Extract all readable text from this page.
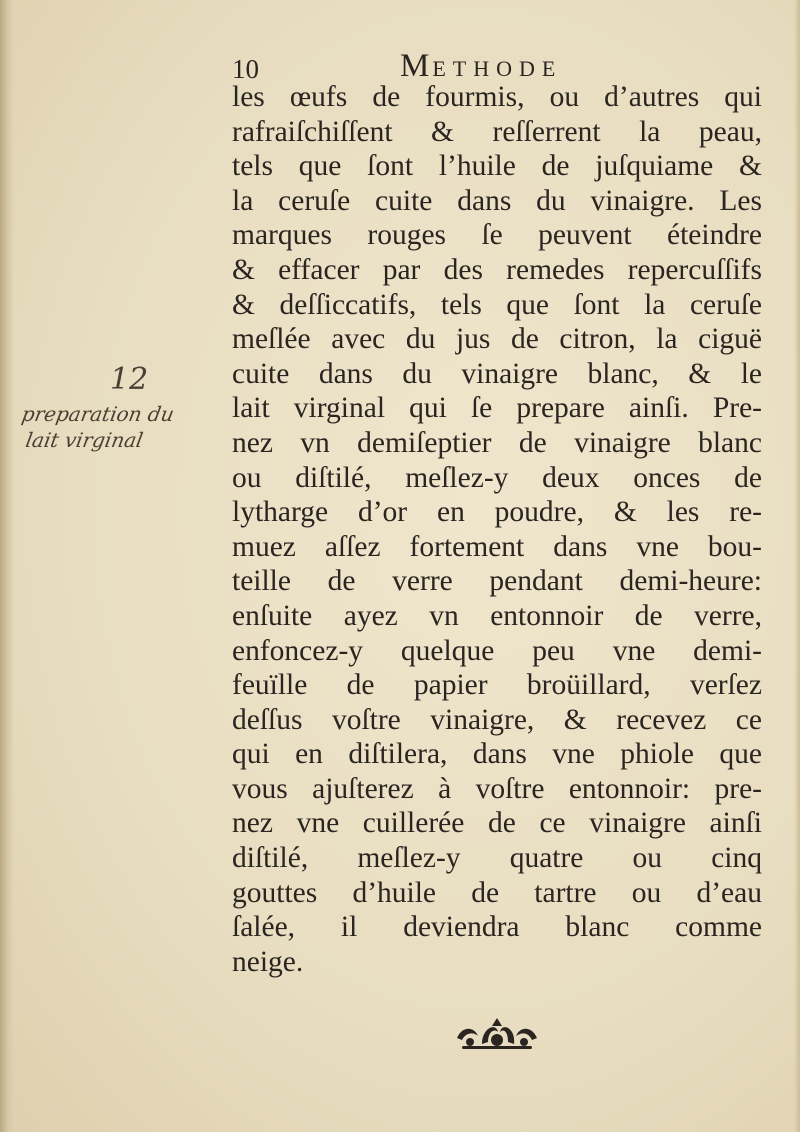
10	METHODE
12
preparation du
lait virginal
les œufs de fourmis, ou d’autres qui
rafraiſchiſſent & reſſerrent la peau,
tels que ſont l’huile de juſquiame &
la ceruſe cuite dans du vinaigre. Les
marques rouges ſe peuvent éteindre
& effacer par des remedes repercuſſifs
& deſſiccatifs, tels que ſont la ceruſe
meſlée avec du jus de citron, la ciguë
cuite dans du vinaigre blanc, & le
lait virginal qui ſe prepare ainſi. Pre-
nez vn demiſeptier de vinaigre blanc
ou diſtilé, meſlez-y deux onces de
lytharge d’or en poudre, & les re-
muez aſſez fortement dans vne bou-
teille de verre pendant demi-heure:
enſuite ayez vn entonnoir de verre,
enfoncez-y quelque peu vne demi-
feuïlle de papier broüillard, verſez
deſſus voſtre vinaigre, & recevez ce
qui en diſtilera, dans vne phiole que
vous ajuſterez à voſtre entonnoir: pre-
nez vne cuillerée de ce vinaigre ainſi
diſtilé, meſlez-y quatre ou cinq
gouttes d’huile de tartre ou d’eau
ſalée, il deviendra blanc comme
neige.
